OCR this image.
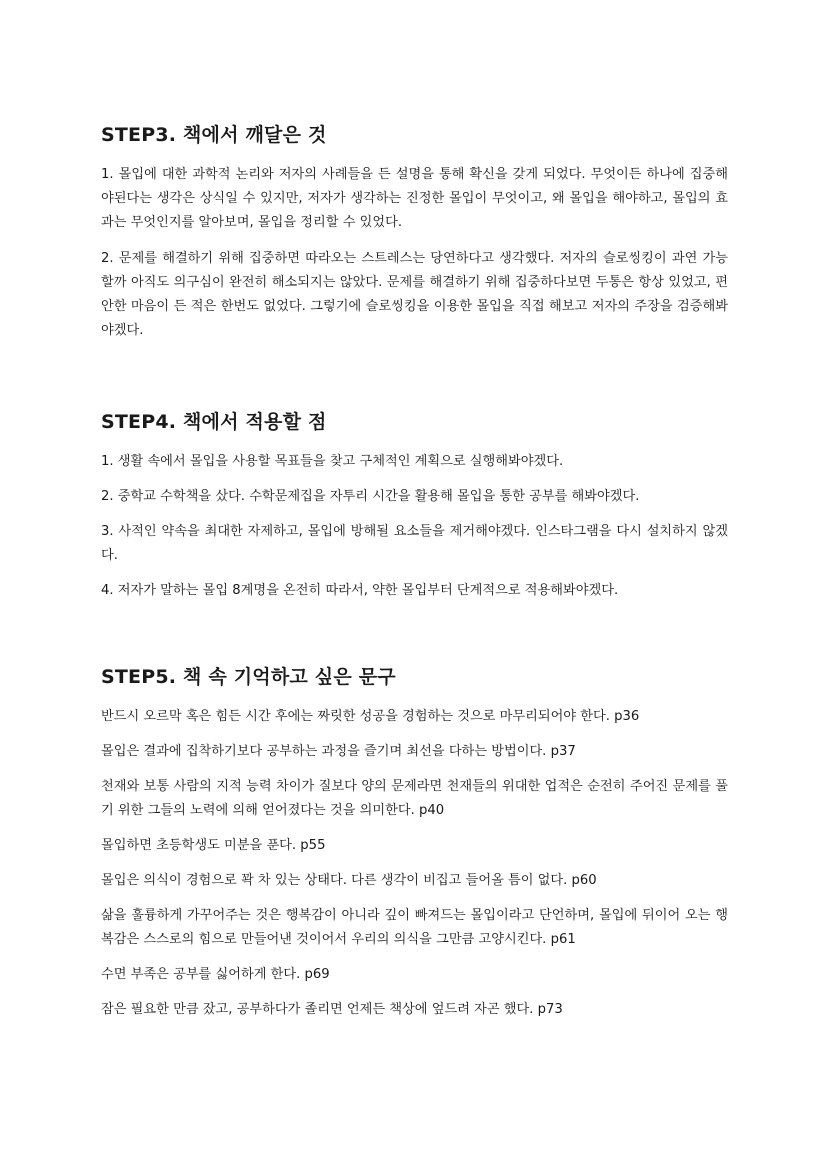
STEP3. 책에서 깨달은 것

1. 몰입에 대한 과학적 논리와 저자의 사례들을 든 설명을 통해 확신을 갖게 되었다. 무엇이든 하나에 집중해야된다는 생각은 상식일 수 있지만, 저자가 생각하는 진정한 몰입이 무엇이고, 왜 몰입을 해야하고, 몰입의 효과는 무엇인지를 알아보며, 몰입을 정리할 수 있었다.

2. 문제를 해결하기 위해 집중하면 따라오는 스트레스는 당연하다고 생각했다. 저자의 슬로씽킹이 과연 가능할까 아직도 의구심이 완전히 해소되지는 않았다. 문제를 해결하기 위해 집중하다보면 두통은 항상 있었고, 편안한 마음이 든 적은 한번도 없었다. 그렇기에 슬로씽킹을 이용한 몰입을 직접 해보고 저자의 주장을 검증해봐야겠다.

STEP4. 책에서 적용할 점

1. 생활 속에서 몰입을 사용할 목표들을 찾고 구체적인 계획으로 실행해봐야겠다.

2. 중학교 수학책을 샀다. 수학문제집을 자투리 시간을 활용해 몰입을 통한 공부를 해봐야겠다.

3. 사적인 약속을 최대한 자제하고, 몰입에 방해될 요소들을 제거해야겠다. 인스타그램을 다시 설치하지 않겠다.

4. 저자가 말하는 몰입 8계명을 온전히 따라서, 약한 몰입부터 단계적으로 적용해봐야겠다.

STEP5. 책 속 기억하고 싶은 문구

반드시 오르막 혹은 힘든 시간 후에는 짜릿한 성공을 경험하는 것으로 마무리되어야 한다. p36

몰입은 결과에 집착하기보다 공부하는 과정을 즐기며 최선을 다하는 방법이다. p37

천재와 보통 사람의 지적 능력 차이가 질보다 양의 문제라면 천재들의 위대한 업적은 순전히 주어진 문제를 풀기 위한 그들의 노력에 의해 얻어졌다는 것을 의미한다. p40

몰입하면 초등학생도 미분을 푼다. p55

몰입은 의식이 경험으로 꽉 차 있는 상태다. 다른 생각이 비집고 들어올 틈이 없다. p60

삶을 훌륭하게 가꾸어주는 것은 행복감이 아니라 깊이 빠져드는 몰입이라고 단언하며, 몰입에 뒤이어 오는 행복감은 스스로의 힘으로 만들어낸 것이어서 우리의 의식을 그만큼 고양시킨다. p61

수면 부족은 공부를 싫어하게 한다. p69

잠은 필요한 만큼 잤고, 공부하다가 졸리면 언제든 책상에 엎드려 자곤 했다. p73
